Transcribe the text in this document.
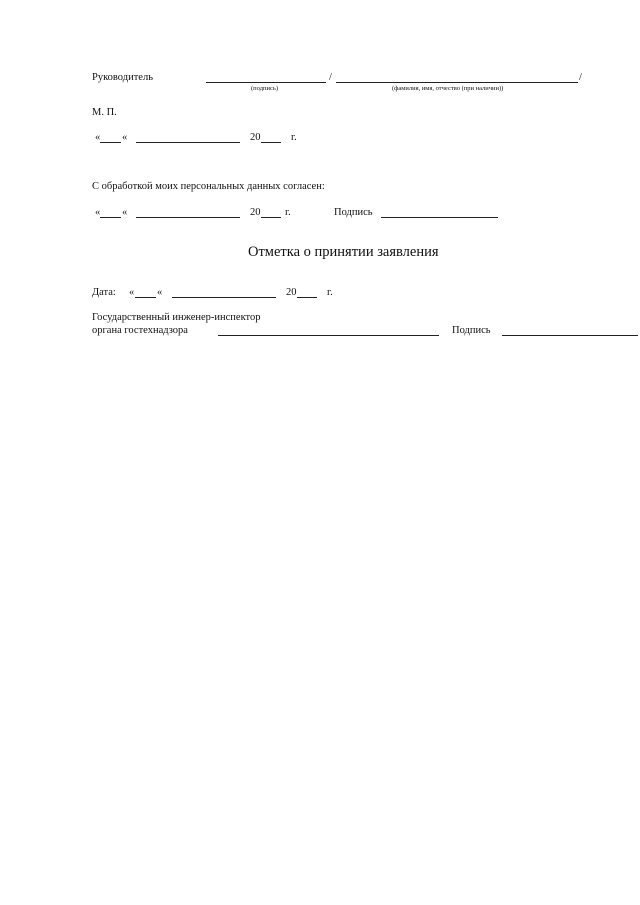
Руководитель	/	/
(подпись)	(фамилия, имя, отчество (при наличии))
М. П.
« «	20	г.
С обработкой моих персональных данных согласен:
« «	20 г.	Подпись
Отметка о принятии заявления
Дата: « «	20	г.
Государственный инженер-инспектор
органа гостехнадзора	Подпись
